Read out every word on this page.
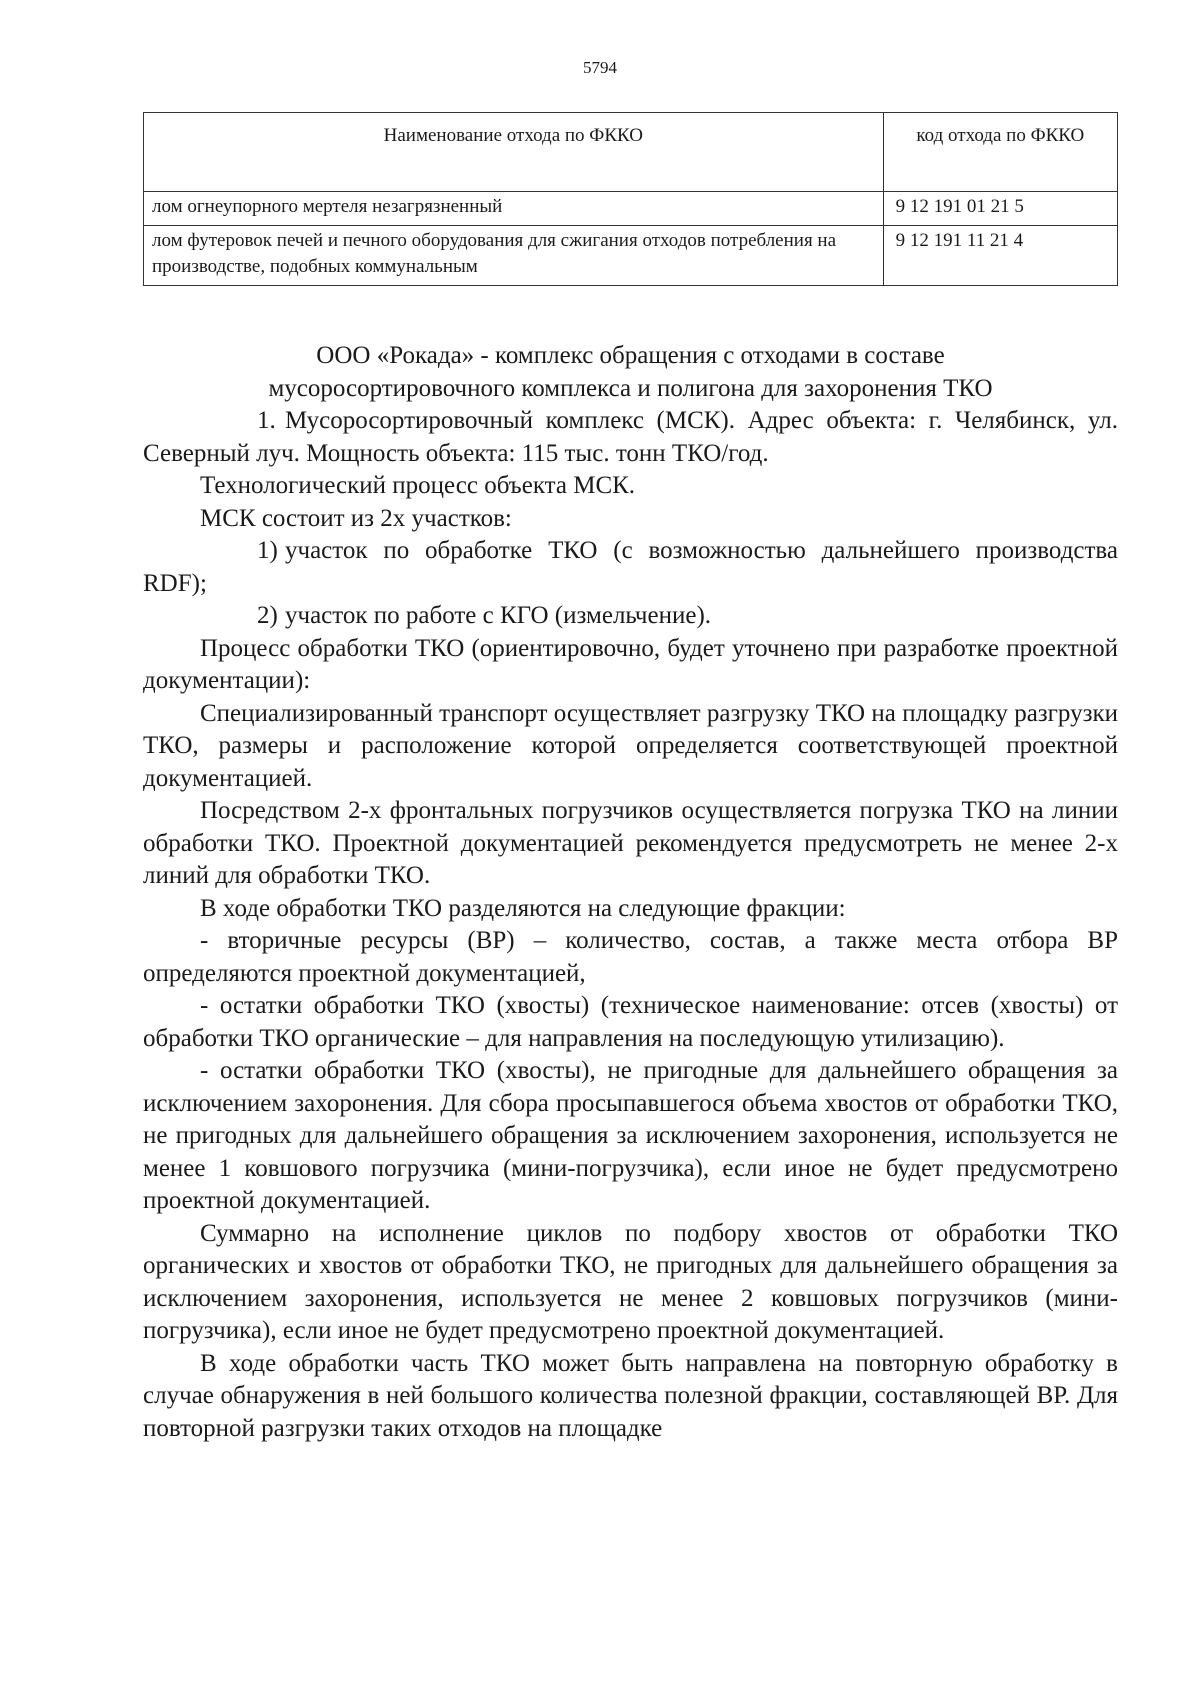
5794
Наименование отхода по ФККО	код отхода по ФККО
лом огнеупорного мертеля незагрязненный	9 12 191 01 21 5
лом футеровок печей и печного оборудования для сжигания отходов потребления на производстве, подобных коммунальным	9 12 191 11 21 4

ООО «Рокада» - комплекс обращения с отходами в составе

мусоросортировочного комплекса и полигона для захоронения ТКО

1. Мусоросортировочный комплекс (МСК). Адрес объекта: г. Челябинск, ул. Северный луч. Мощность объекта: 115 тыс. тонн ТКО/год.

Технологический процесс объекта МСК.

МСК состоит из 2х участков:

1) участок по обработке ТКО (с возможностью дальнейшего производства RDF);

2) участок по работе с КГО (измельчение).

Процесс обработки ТКО (ориентировочно, будет уточнено при разработке проектной документации):

Специализированный транспорт осуществляет разгрузку ТКО на площадку разгрузки ТКО, размеры и расположение которой определяется соответствующей проектной документацией.

Посредством 2-х фронтальных погрузчиков осуществляется погрузка ТКО на линии обработки ТКО. Проектной документацией рекомендуется предусмотреть не менее 2-х линий для обработки ТКО.

В ходе обработки ТКО разделяются на следующие фракции:

- вторичные ресурсы (ВР) – количество, состав, а также места отбора ВР определяются проектной документацией,

- остатки обработки ТКО (хвосты) (техническое наименование: отсев (хвосты) от обработки ТКО органические – для направления на последующую утилизацию).

- остатки обработки ТКО (хвосты), не пригодные для дальнейшего обращения за исключением захоронения. Для сбора просыпавшегося объема хвостов от обработки ТКО, не пригодных для дальнейшего обращения за исключением захоронения, используется не менее 1 ковшового погрузчика (мини-погрузчика), если иное не будет предусмотрено проектной документацией.

Суммарно на исполнение циклов по подбору хвостов от обработки ТКО органических и хвостов от обработки ТКО, не пригодных для дальнейшего обращения за исключением захоронения, используется не менее 2 ковшовых погрузчиков (мини-погрузчика), если иное не будет предусмотрено проектной документацией.

В ходе обработки часть ТКО может быть направлена на повторную обработку в случае обнаружения в ней большого количества полезной фракции, составляющей ВР. Для повторной разгрузки таких отходов на площадке
